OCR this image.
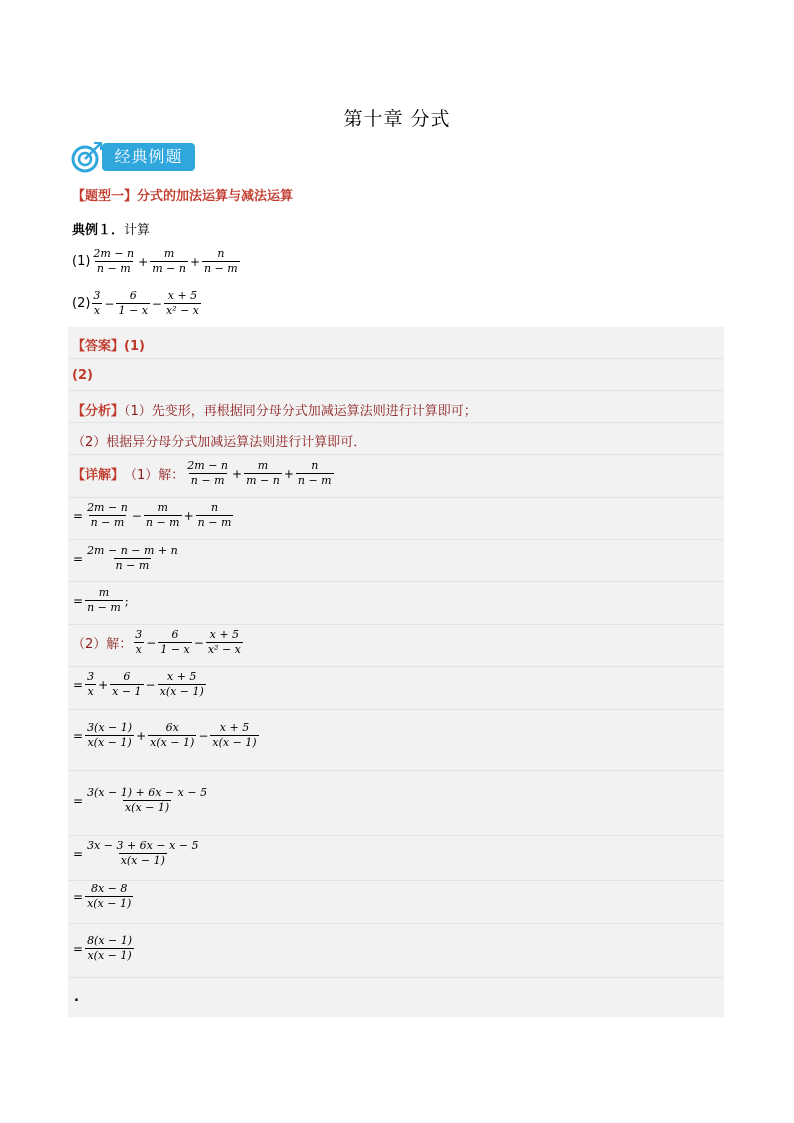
第十章 分式
经典例题
【题型一】分式的加法运算与减法运算
典例１．计算
$(1) \frac{2m - n}{n - m} + \frac{m}{m - n} + \frac{n}{n - m}$
$(2) \frac{3}{x} - \frac{6}{1 - x} - \frac{x + 5}{\text{x² − x}}$
【答案】(1)
(2)
【分析】（1）先变形，再根据同分母分式加减运算法则进行计算即可；
（2）根据异分母分式加减运算法则进行计算即可．
【详解】 （1）解： $\frac{2m - n}{n - m} + \frac{m}{m - n} + \frac{n}{n - m}$
= $\frac{2m - n}{n - m} - \frac{m}{n - m} + \frac{n}{n - m}$
= $\frac{2m - n - m + n}{n - m}$
= $\frac{m}{n - m}$ ;
（2）解： $\frac{3}{x} - \frac{6}{1 - x} - \frac{x + 5}{\text{x² − x}}$
= $\frac{3}{x} + \frac{6}{x - 1} - \frac{x + 5}{x(x - 1)}$
= $\frac{3(x - 1)}{x(x - 1)} + \frac{6x}{x(x - 1)} - \frac{x + 5}{x(x - 1)}$
= $\frac{3(x - 1) + 6x - x - 5}{x(x - 1)}$
= $\frac{3x - 3 + 6x - x - 5}{x(x - 1)}$
= $\frac{8x - 8}{x(x - 1)}$
= $\frac{8(x - 1)}{x(x - 1)}$
.
